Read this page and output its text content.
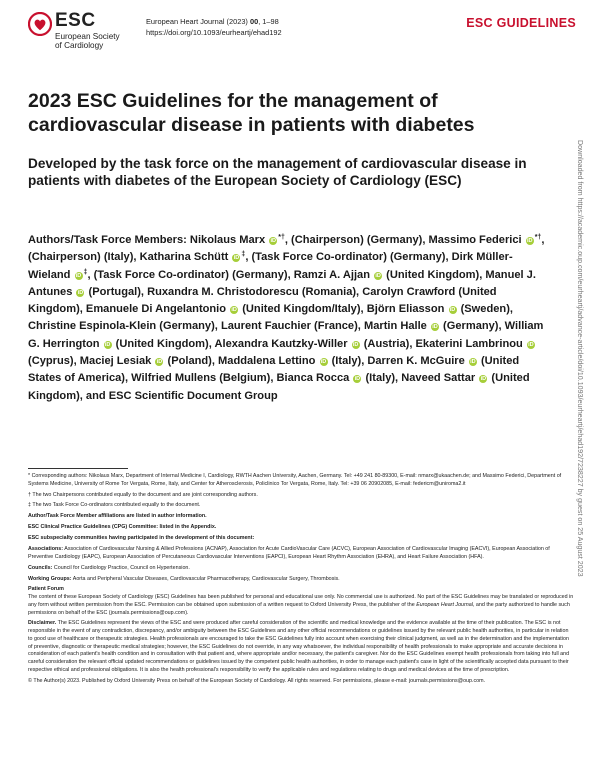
ESC
European Society
of Cardiology
European Heart Journal (2023) 00, 1–98
https://doi.org/10.1093/eurheartj/ehad192
ESC GUIDELINES
2023 ESC Guidelines for the management of cardiovascular disease in patients with diabetes
Developed by the task force on the management of cardiovascular disease in patients with diabetes of the European Society of Cardiology (ESC)

Authors/Task Force Members: Nikolaus Marx iD *†, (Chairperson) (Germany), Massimo Federici iD *†, (Chairperson) (Italy), Katharina Schütt iD ‡, (Task Force Co-ordinator) (Germany), Dirk Müller-Wieland iD ‡, (Task Force Co-ordinator) (Germany), Ramzi A. Ajjan iD (United Kingdom), Manuel J. Antunes iD (Portugal), Ruxandra M. Christodorescu (Romania), Carolyn Crawford (United Kingdom), Emanuele Di Angelantonio iD (United Kingdom/Italy), Björn Eliasson iD (Sweden), Christine Espinola-Klein (Germany), Laurent Fauchier (France), Martin Halle iD (Germany), William G. Herrington iD (United Kingdom), Alexandra Kautzky-Willer iD (Austria), Ekaterini Lambrinou iD (Cyprus), Maciej Lesiak iD (Poland), Maddalena Lettino iD (Italy), Darren K. McGuire iD (United States of America), Wilfried Mullens (Belgium), Bianca Rocca iD (Italy), Naveed Sattar iD (United Kingdom), and ESC Scientific Document Group

* Corresponding authors: Nikolaus Marx, Department of Internal Medicine I, Cardiology, RWTH Aachen University, Aachen, Germany. Tel: +49 241 80-89300, E-mail: nmarx@ukaachen.de; and Massimo Federici, Department of Systems Medicine, University of Rome Tor Vergata, Rome, Italy, and Center for Atherosclerosis, Policlinico Tor Vergata, Rome, Italy. Tel: +39 06 20902085, E-mail: federicm@uniroma2.it

† The two Chairpersons contributed equally to the document and are joint corresponding authors.

‡ The two Task Force Co-ordinators contributed equally to the document.

Author/Task Force Member affiliations are listed in author information.

ESC Clinical Practice Guidelines (CPG) Committee: listed in the Appendix.

ESC subspecialty communities having participated in the development of this document:

Associations: Association of Cardiovascular Nursing & Allied Professions (ACNAP), Association for Acute CardioVascular Care (ACVC), European Association of Cardiovascular Imaging (EACVI), European Association of Preventive Cardiology (EAPC), European Association of Percutaneous Cardiovascular Interventions (EAPCI), European Heart Rhythm Association (EHRA), and Heart Failure Association (HFA).

Councils: Council for Cardiology Practice, Council on Hypertension.

Working Groups: Aorta and Peripheral Vascular Diseases, Cardiovascular Pharmacotherapy, Cardiovascular Surgery, Thrombosis.

Patient Forum

The content of these European Society of Cardiology (ESC) Guidelines has been published for personal and educational use only. No commercial use is authorized. No part of the ESC Guidelines may be translated or reproduced in any form without written permission from the ESC. Permission can be obtained upon submission of a written request to Oxford University Press, the publisher of the European Heart Journal, and the party authorized to handle such permissions on behalf of the ESC (journals.permissions@oup.com).

Disclaimer. The ESC Guidelines represent the views of the ESC and were produced after careful consideration of the scientific and medical knowledge and the evidence available at the time of their publication. The ESC is not responsible in the event of any contradiction, discrepancy, and/or ambiguity between the ESC Guidelines and any other official recommendations or guidelines issued by the relevant public health authorities, in particular in relation to good use of healthcare or therapeutic strategies. Health professionals are encouraged to take the ESC Guidelines fully into account when exercising their clinical judgment, as well as in the determination and the implementation of preventive, diagnostic or therapeutic medical strategies; however, the ESC Guidelines do not override, in any way whatsoever, the individual responsibility of health professionals to make appropriate and accurate decisions in consideration of each patient's health condition and in consultation with that patient and, where appropriate and/or necessary, the patient's caregiver. Nor do the ESC Guidelines exempt health professionals from taking into full and careful consideration the relevant official updated recommendations or guidelines issued by the competent public health authorities, in order to manage each patient's case in light of the scientifically accepted data pursuant to their respective ethical and professional obligations. It is also the health professional's responsibility to verify the applicable rules and regulations relating to drugs and medical devices at the time of prescription.

© The Author(s) 2023. Published by Oxford University Press on behalf of the European Society of Cardiology. All rights reserved. For permissions, please e-mail: journals.permissions@oup.com.

Downloaded from https://academic.oup.com/eurheartj/advance-article/doi/10.1093/eurheartj/ehad192/7238227 by guest on 25 August 2023
